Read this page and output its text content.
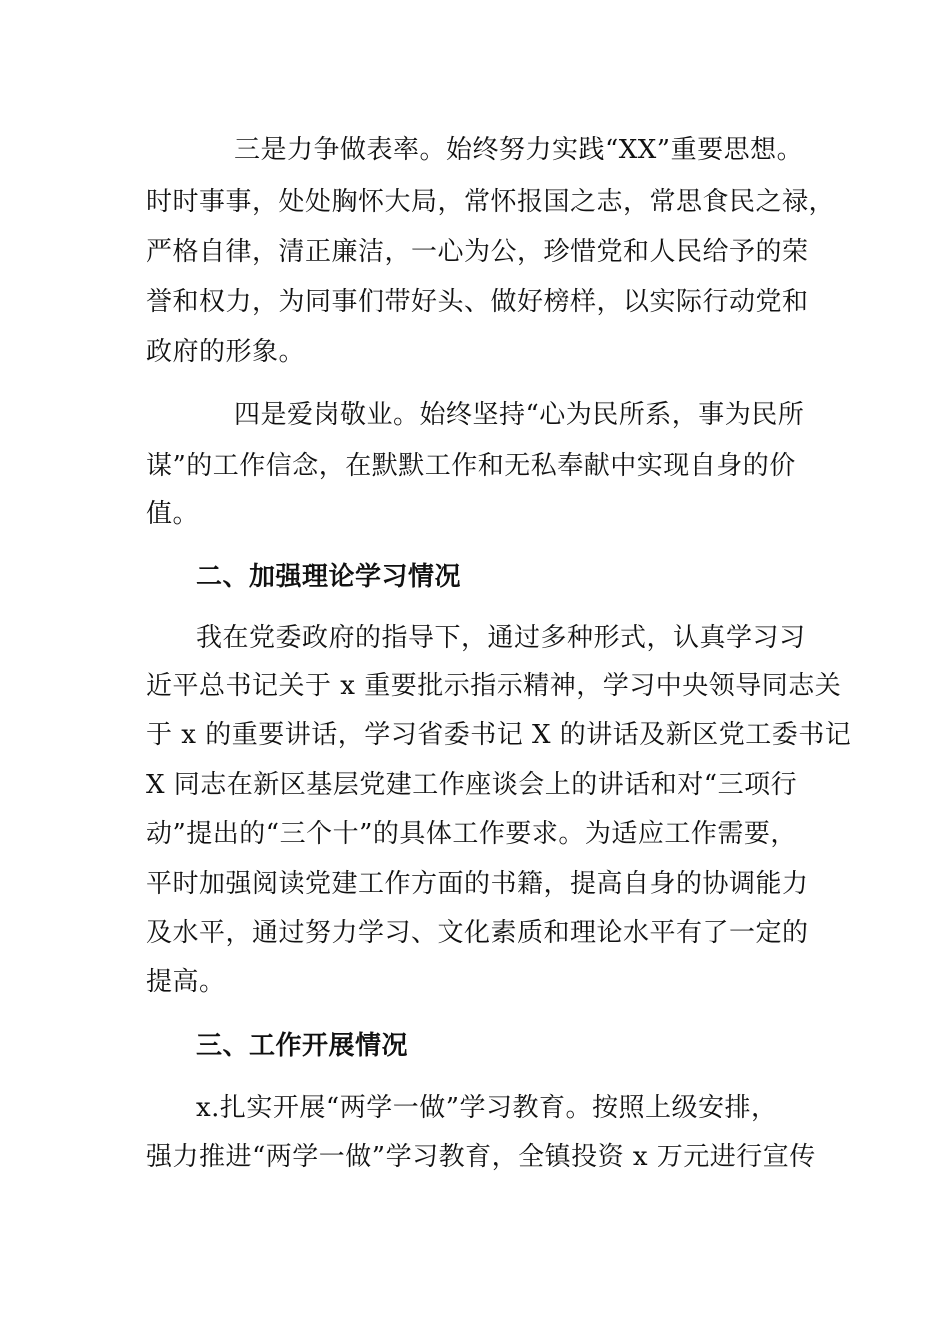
三是力争做表率。始终努力实践“XX”重要思想。
时时事事，处处胸怀大局，常怀报国之志，常思食民之禄，
严格自律，清正廉洁，一心为公，珍惜党和人民给予的荣
誉和权力，为同事们带好头、做好榜样，以实际行动党和
政府的形象。
四是爱岗敬业。始终坚持“心为民所系，事为民所
谋”的工作信念，在默默工作和无私奉献中实现自身的价
值。
二、加强理论学习情况
我在党委政府的指导下，通过多种形式，认真学习习
近平总书记关于 x 重要批示指示精神，学习中央领导同志关
于 x 的重要讲话，学习省委书记 X 的讲话及新区党工委书记
X 同志在新区基层党建工作座谈会上的讲话和对“三项行
动”提出的“三个十”的具体工作要求。为适应工作需要，
平时加强阅读党建工作方面的书籍，提高自身的协调能力
及水平，通过努力学习、文化素质和理论水平有了一定的
提高。
三、工作开展情况
x.扎实开展“两学一做”学习教育。按照上级安排，
强力推进“两学一做”学习教育，全镇投资 x 万元进行宣传
